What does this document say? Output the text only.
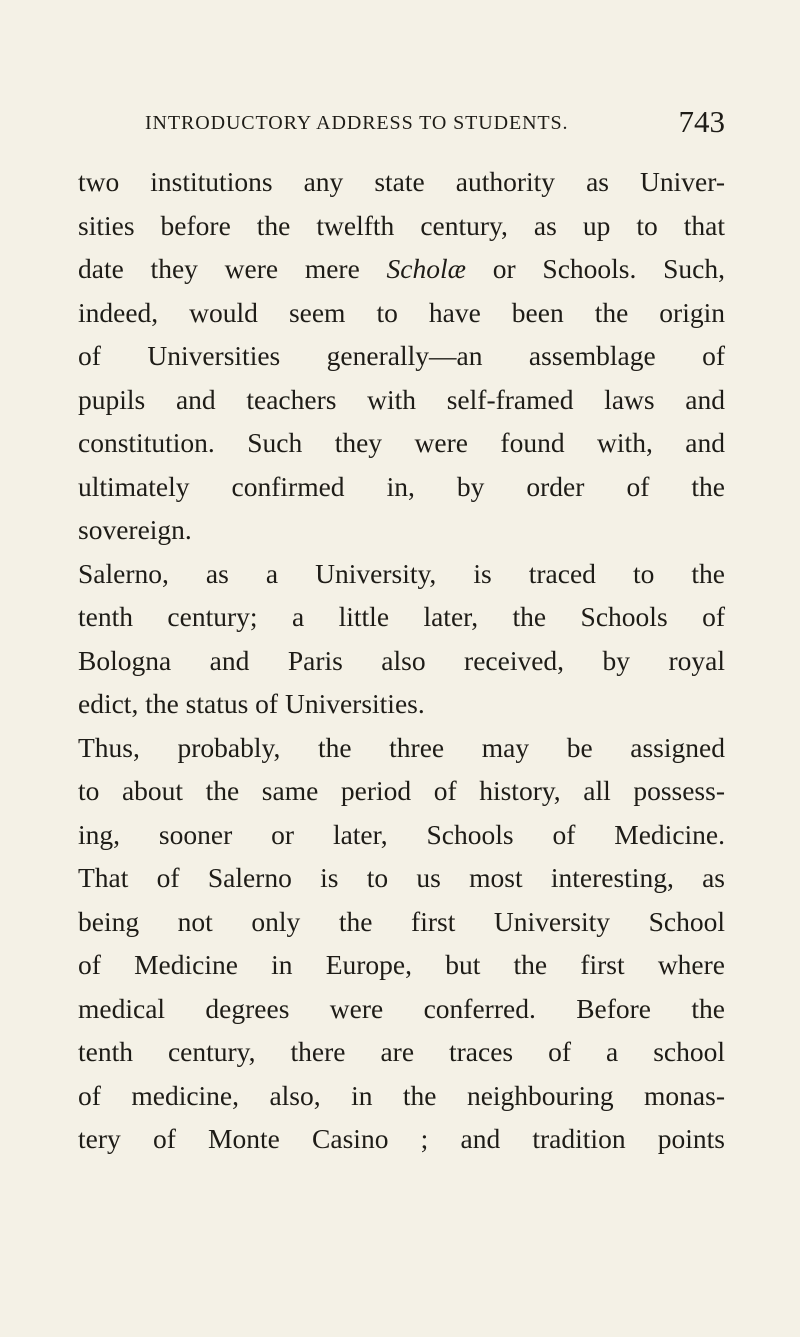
INTRODUCTORY ADDRESS TO STUDENTS.	743
two institutions any state authority as Univer-
sities before the twelfth century, as up to that
date they were mere Scholæ or Schools. Such,
indeed, would seem to have been the origin
of Universities generally—an assemblage of
pupils and teachers with self-framed laws and
constitution. Such they were found with, and
ultimately confirmed in, by order of the
sovereign.
Salerno, as a University, is traced to the
tenth century; a little later, the Schools of
Bologna and Paris also received, by royal
edict, the status of Universities.
Thus, probably, the three may be assigned
to about the same period of history, all possess-
ing, sooner or later, Schools of Medicine.
That of Salerno is to us most interesting, as
being not only the first University School
of Medicine in Europe, but the first where
medical degrees were conferred. Before the
tenth century, there are traces of a school
of medicine, also, in the neighbouring monas-
tery of Monte Casino ; and tradition points
